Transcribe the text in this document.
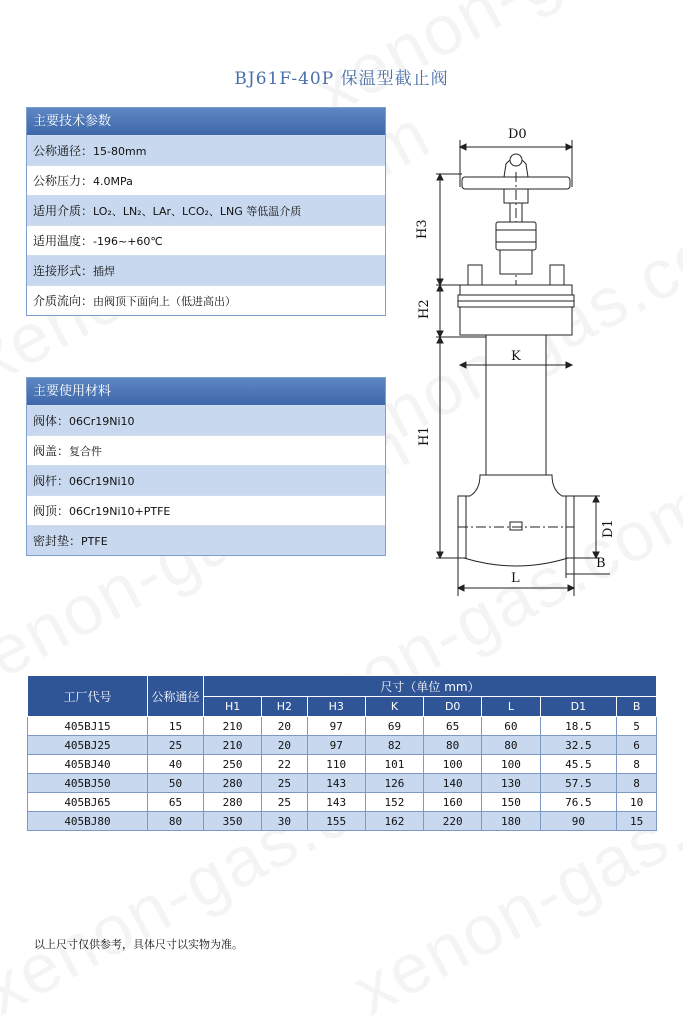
BJ61F-40P 保温型截止阀
主要技术参数
公称通径：15-80mm
公称压力：4.0MPa
适用介质：LO₂、LN₂、LAr、LCO₂、LNG 等低温介质
适用温度：-196~+60℃
连接形式：插焊
介质流向：由阀顶下面向上（低进高出）
主要使用材料
阀体：06Cr19Ni10
阀盖：复合件
阀杆：06Cr19Ni10
阀顶：06Cr19Ni10+PTFE
密封垫：PTFE
D0
H3
H2
K
H1
D1
B
L
工厂代号	公称通径	尺寸（单位 mm）							
		H1	H2	H3	K	D0	L	D1	B
405BJ15	15	210	20	97	69	65	60	18.5	5
405BJ25	25	210	20	97	82	80	80	32.5	6
405BJ40	40	250	22	110	101	100	100	45.5	8
405BJ50	50	280	25	143	126	140	130	57.5	8
405BJ65	65	280	25	143	152	160	150	76.5	10
405BJ80	80	350	30	155	162	220	180	90	15
以上尺寸仅供参考，具体尺寸以实物为准。
